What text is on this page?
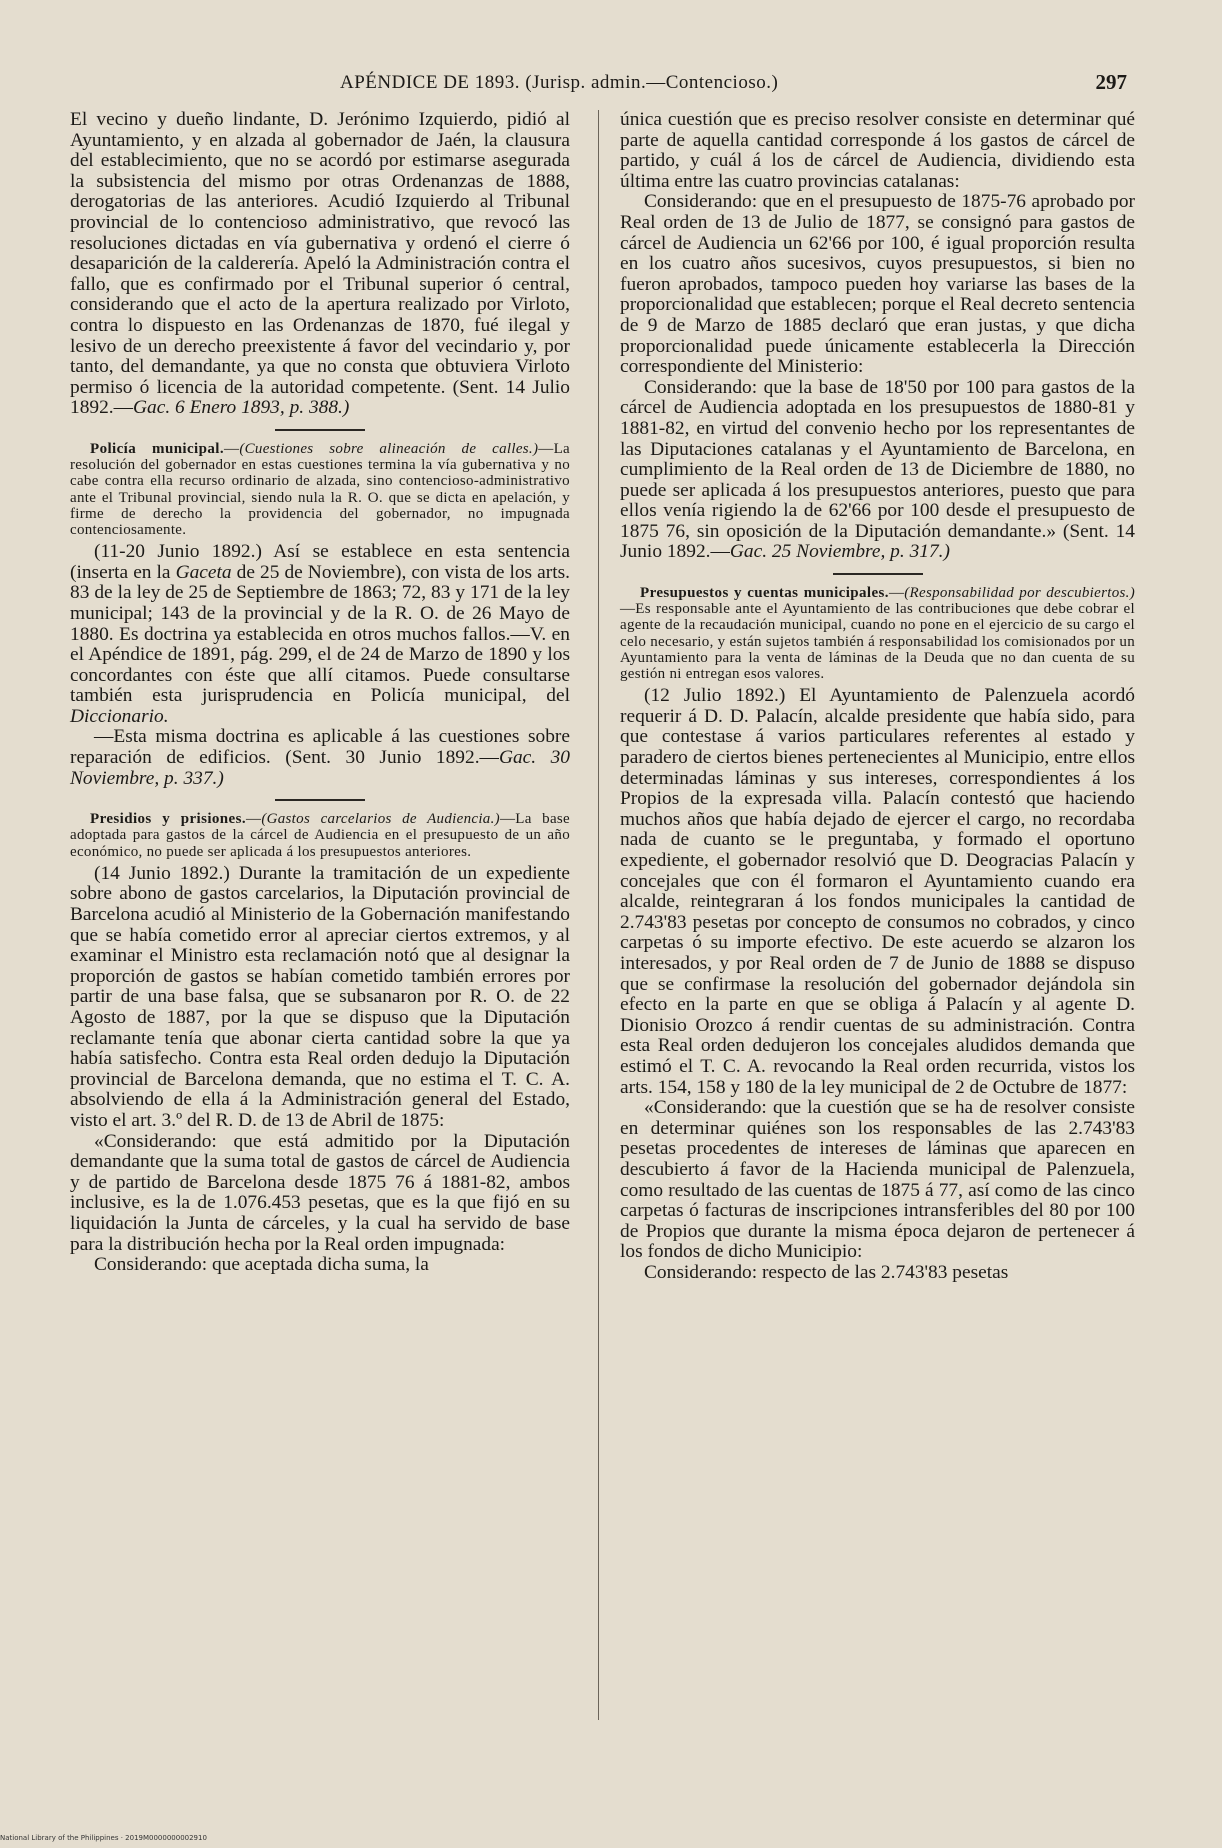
APÉNDICE DE 1893. (Jurisp. admin.—Contencioso.)	297

El vecino y dueño lindante, D. Jerónimo Izquierdo, pidió al Ayuntamiento, y en alzada al gobernador de Jaén, la clausura del establecimiento, que no se acordó por estimarse asegurada la subsistencia del mismo por otras Ordenanzas de 1888, derogatorias de las anteriores. Acudió Izquierdo al Tribunal provincial de lo contencioso administrativo, que revocó las resoluciones dictadas en vía gubernativa y ordenó el cierre ó desaparición de la calderería. Apeló la Administración contra el fallo, que es confirmado por el Tribunal superior ó central, considerando que el acto de la apertura realizado por Virloto, contra lo dispuesto en las Ordenanzas de 1870, fué ilegal y lesivo de un derecho preexistente á favor del vecindario y, por tanto, del demandante, ya que no consta que obtuviera Virloto permiso ó licencia de la autoridad competente. (Sent. 14 Julio 1892.—Gac. 6 Enero 1893, p. 388.)

Policía municipal.—(Cuestiones sobre alineación de calles.)—La resolución del gobernador en estas cuestiones termina la vía gubernativa y no cabe contra ella recurso ordinario de alzada, sino contencioso-administrativo ante el Tribunal provincial, siendo nula la R. O. que se dicta en apelación, y firme de derecho la providencia del gobernador, no impugnada contenciosamente.

(11-20 Junio 1892.) Así se establece en esta sentencia (inserta en la Gaceta de 25 de Noviembre), con vista de los arts. 83 de la ley de 25 de Septiembre de 1863; 72, 83 y 171 de la ley municipal; 143 de la provincial y de la R. O. de 26 Mayo de 1880. Es doctrina ya establecida en otros muchos fallos.—V. en el Apéndice de 1891, pág. 299, el de 24 de Marzo de 1890 y los concordantes con éste que allí citamos. Puede consultarse también esta jurisprudencia en Policía municipal, del Diccionario.

—Esta misma doctrina es aplicable á las cuestiones sobre reparación de edificios. (Sent. 30 Junio 1892.—Gac. 30 Noviembre, p. 337.)

Presidios y prisiones.—(Gastos carcelarios de Audiencia.)—La base adoptada para gastos de la cárcel de Audiencia en el presupuesto de un año económico, no puede ser aplicada á los presupuestos anteriores.

(14 Junio 1892.) Durante la tramitación de un expediente sobre abono de gastos carcelarios, la Diputación provincial de Barcelona acudió al Ministerio de la Gobernación manifestando que se había cometido error al apreciar ciertos extremos, y al examinar el Ministro esta reclamación notó que al designar la proporción de gastos se habían cometido también errores por partir de una base falsa, que se subsanaron por R. O. de 22 Agosto de 1887, por la que se dispuso que la Diputación reclamante tenía que abonar cierta cantidad sobre la que ya había satisfecho. Contra esta Real orden dedujo la Diputación provincial de Barcelona demanda, que no estima el T. C. A. absolviendo de ella á la Administración general del Estado, visto el art. 3.º del R. D. de 13 de Abril de 1875:

«Considerando: que está admitido por la Diputación demandante que la suma total de gastos de cárcel de Audiencia y de partido de Barcelona desde 1875 76 á 1881-82, ambos inclusive, es la de 1.076.453 pesetas, que es la que fijó en su liquidación la Junta de cárceles, y la cual ha servido de base para la distribución hecha por la Real orden impugnada:

Considerando: que aceptada dicha suma, la

única cuestión que es preciso resolver consiste en determinar qué parte de aquella cantidad corresponde á los gastos de cárcel de partido, y cuál á los de cárcel de Audiencia, dividiendo esta última entre las cuatro provincias catalanas:

Considerando: que en el presupuesto de 1875-76 aprobado por Real orden de 13 de Julio de 1877, se consignó para gastos de cárcel de Audiencia un 62'66 por 100, é igual proporción resulta en los cuatro años sucesivos, cuyos presupuestos, si bien no fueron aprobados, tampoco pueden hoy variarse las bases de la proporcionalidad que establecen; porque el Real decreto sentencia de 9 de Marzo de 1885 declaró que eran justas, y que dicha proporcionalidad puede únicamente establecerla la Dirección correspondiente del Ministerio:

Considerando: que la base de 18'50 por 100 para gastos de la cárcel de Audiencia adoptada en los presupuestos de 1880-81 y 1881-82, en virtud del convenio hecho por los representantes de las Diputaciones catalanas y el Ayuntamiento de Barcelona, en cumplimiento de la Real orden de 13 de Diciembre de 1880, no puede ser aplicada á los presupuestos anteriores, puesto que para ellos venía rigiendo la de 62'66 por 100 desde el presupuesto de 1875 76, sin oposición de la Diputación demandante.» (Sent. 14 Junio 1892.—Gac. 25 Noviembre, p. 317.)

Presupuestos y cuentas municipales.—(Responsabilidad por descubiertos.)—Es responsable ante el Ayuntamiento de las contribuciones que debe cobrar el agente de la recaudación municipal, cuando no pone en el ejercicio de su cargo el celo necesario, y están sujetos también á responsabilidad los comisionados por un Ayuntamiento para la venta de láminas de la Deuda que no dan cuenta de su gestión ni entregan esos valores.

(12 Julio 1892.) El Ayuntamiento de Palenzuela acordó requerir á D. D. Palacín, alcalde presidente que había sido, para que contestase á varios particulares referentes al estado y paradero de ciertos bienes pertenecientes al Municipio, entre ellos determinadas láminas y sus intereses, correspondientes á los Propios de la expresada villa. Palacín contestó que haciendo muchos años que había dejado de ejercer el cargo, no recordaba nada de cuanto se le preguntaba, y formado el oportuno expediente, el gobernador resolvió que D. Deogracias Palacín y concejales que con él formaron el Ayuntamiento cuando era alcalde, reintegraran á los fondos municipales la cantidad de 2.743'83 pesetas por concepto de consumos no cobrados, y cinco carpetas ó su importe efectivo. De este acuerdo se alzaron los interesados, y por Real orden de 7 de Junio de 1888 se dispuso que se confirmase la resolución del gobernador dejándola sin efecto en la parte en que se obliga á Palacín y al agente D. Dionisio Orozco á rendir cuentas de su administración. Contra esta Real orden dedujeron los concejales aludidos demanda que estimó el T. C. A. revocando la Real orden recurrida, vistos los arts. 154, 158 y 180 de la ley municipal de 2 de Octubre de 1877:

«Considerando: que la cuestión que se ha de resolver consiste en determinar quiénes son los responsables de las 2.743'83 pesetas procedentes de intereses de láminas que aparecen en descubierto á favor de la Hacienda municipal de Palenzuela, como resultado de las cuentas de 1875 á 77, así como de las cinco carpetas ó facturas de inscripciones intransferibles del 80 por 100 de Propios que durante la misma época dejaron de pertenecer á los fondos de dicho Municipio:

Considerando: respecto de las 2.743'83 pesetas

National Library of the Philippines · 2019M0000000002910
